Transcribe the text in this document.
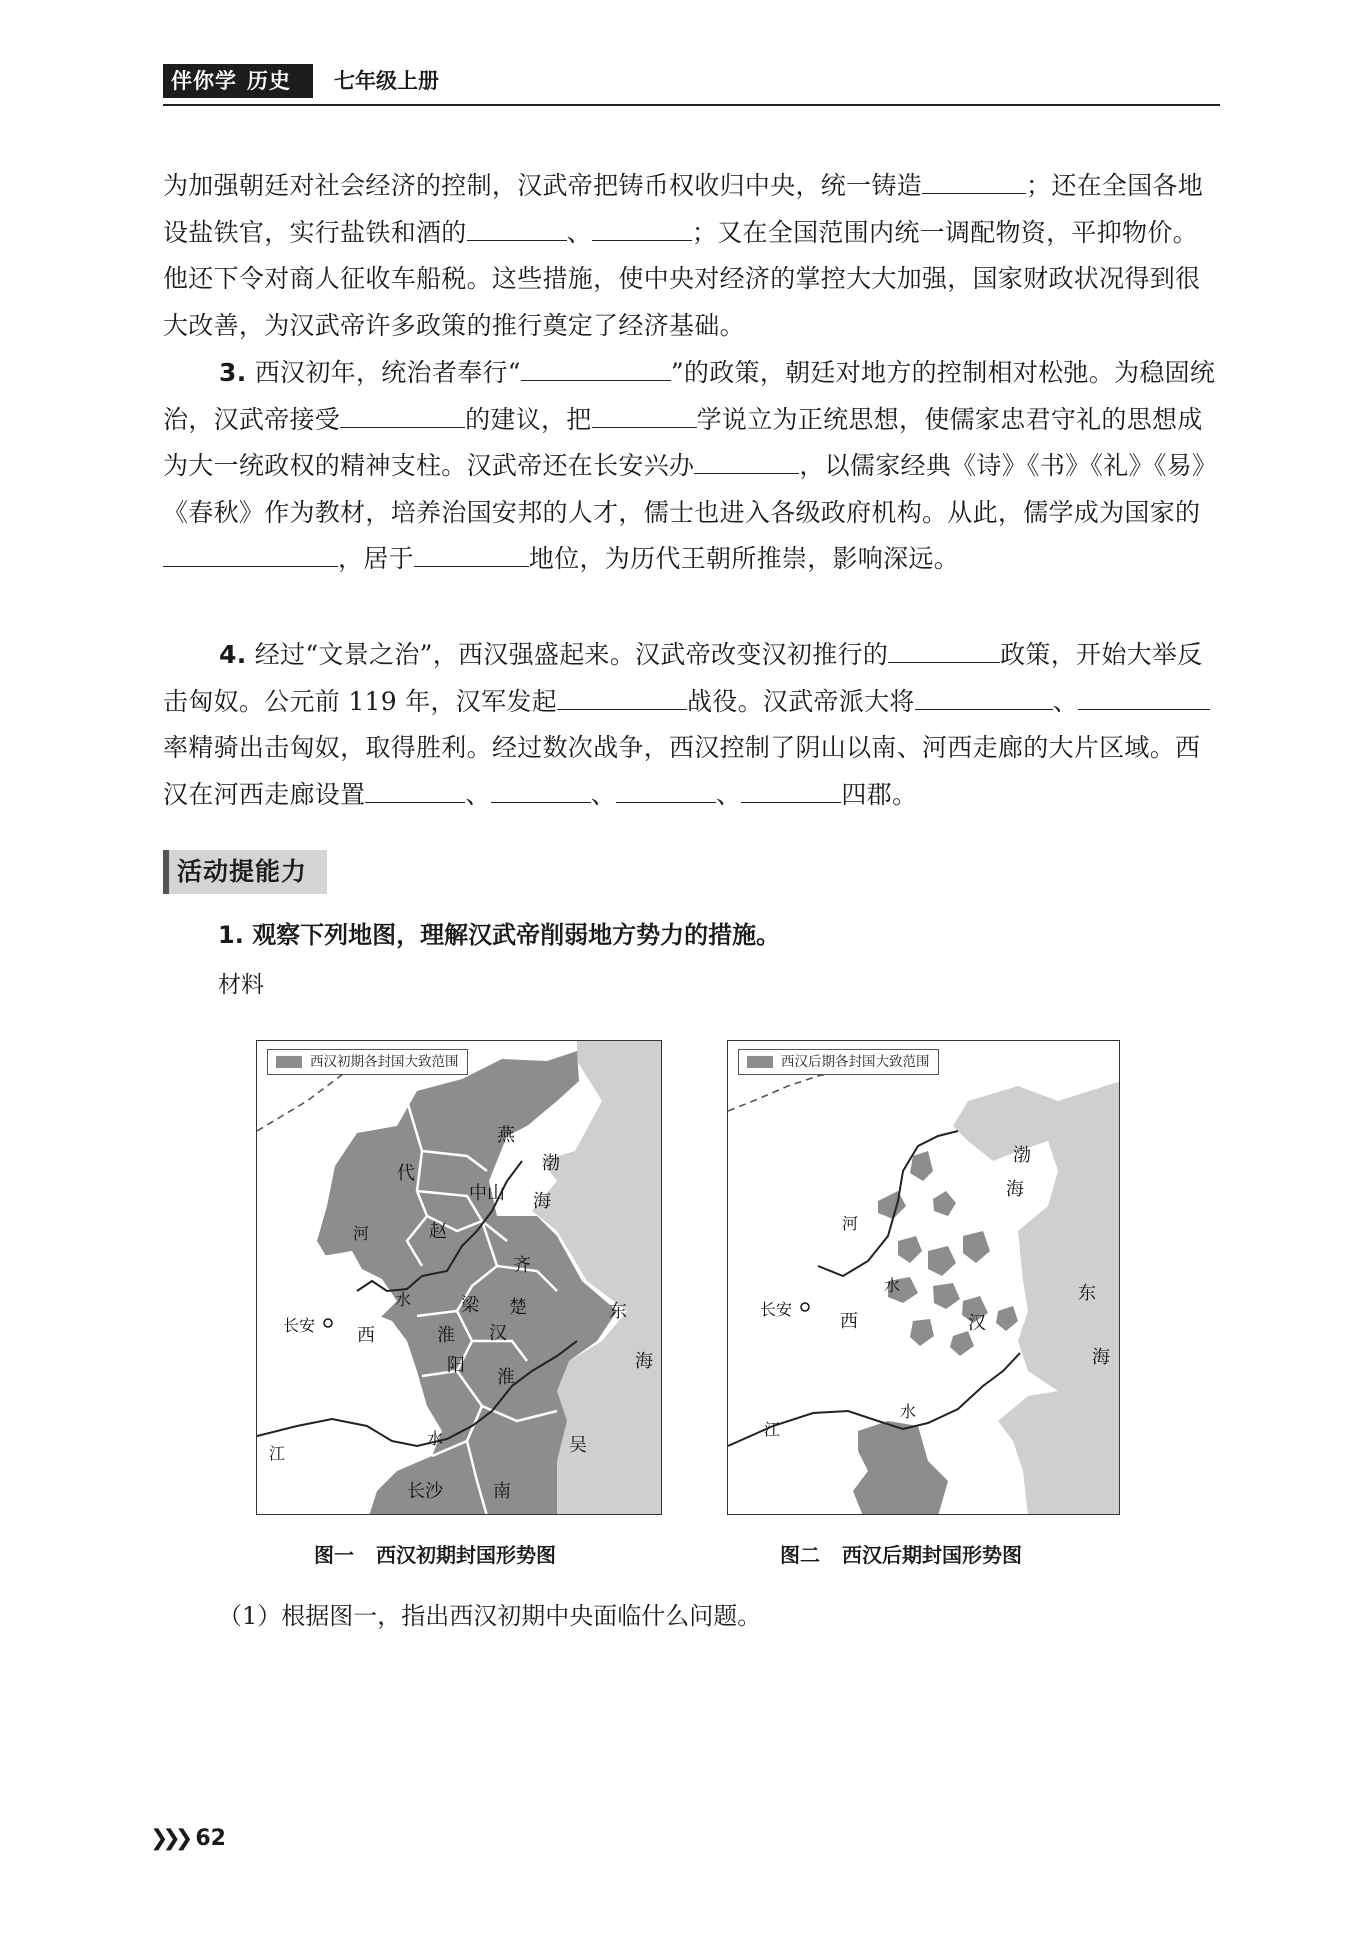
伴你学 历史	七年级上册

为加强朝廷对社会经济的控制，汉武帝把铸币权收归中央，统一铸造	；还在全国各地设盐铁官，实行盐铁和酒的	、	；又在全国范围内统一调配物资，平抑物价。他还下令对商人征收车船税。这些措施，使中央对经济的掌控大大加强，国家财政状况得到很大改善，为汉武帝许多政策的推行奠定了经济基础。

3. 西汉初年，统治者奉行“	”的政策，朝廷对地方的控制相对松弛。为稳固统治，汉武帝接受	的建议，把	学说立为正统思想，使儒家忠君守礼的思想成为大一统政权的精神支柱。汉武帝还在长安兴办	，以儒家经典《诗》《书》《礼》《易》《春秋》作为教材，培养治国安邦的人才，儒士也进入各级政府机构。从此，儒学成为国家的，居于	地位，为历代王朝所推崇，影响深远。

4. 经过“文景之治”，西汉强盛起来。汉武帝改变汉初推行的	政策，开始大举反击匈奴。公元前 119 年，汉军发起	战役。汉武帝派大将	、率精骑出击匈奴，取得胜利。经过数次战争，西汉控制了阴山以南、河西走廊的大片区域。西汉在河西走廊设置	、	、	、	四郡。

活动提能力
1. 观察下列地图，理解汉武帝削弱地方势力的措施。
材料
西汉初期各封国大致范围
燕
代	渤
中山 海
河	赵
齐
水	梁 楚	东
长安 西	淮 汉
阳
淮
海
江
水	吴
长沙	南
图一 西汉初期封国形势图
西汉后期各封国大致范围
渤
海
河
水	东
长安
西	汉
海
江
水
图二 西汉后期封国形势图
（1）根据图一，指出西汉初期中央面临什么问题。
❯❯❯ 62
